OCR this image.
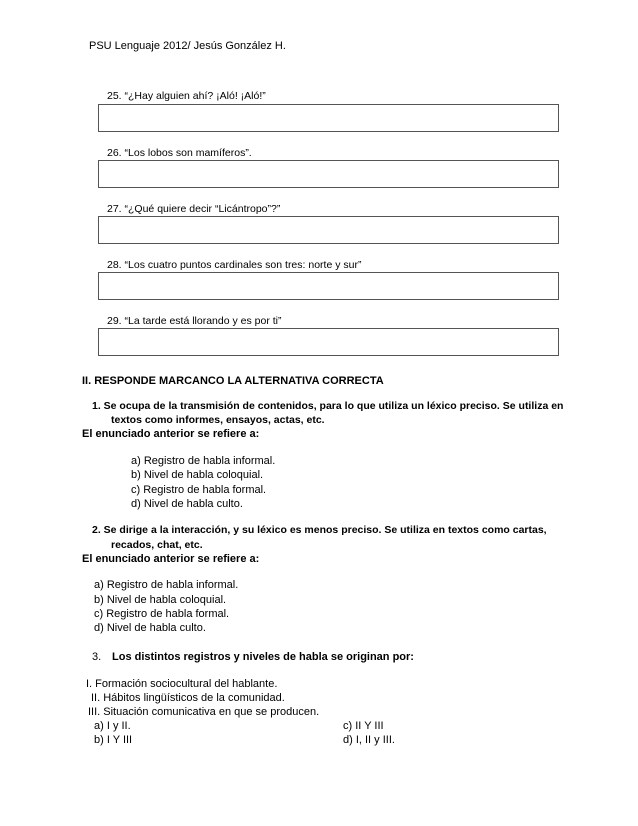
PSU Lenguaje 2012/ Jesús González H.
25. “¿Hay alguien ahí? ¡Aló! ¡Aló!”
26. “Los lobos son mamíferos”.
27. “¿Qué quiere decir “Licántropo”?”
28. “Los cuatro puntos cardinales son tres: norte y sur”
29. “La tarde está llorando y es por ti”
II. RESPONDE MARCANCO LA ALTERNATIVA CORRECTA
1. Se ocupa de la transmisión de contenidos, para lo que utiliza un léxico preciso. Se utiliza en
textos como informes, ensayos, actas, etc.
El enunciado anterior se refiere a:
a) Registro de habla informal.
b) Nivel de habla coloquial.
c) Registro de habla formal.
d) Nivel de habla culto.
2. Se dirige a la interacción, y su léxico es menos preciso. Se utiliza en textos como cartas,
recados, chat, etc.
El enunciado anterior se refiere a:
a) Registro de habla informal.
b) Nivel de habla coloquial.
c) Registro de habla formal.
d) Nivel de habla culto.
3. Los distintos registros y niveles de habla se originan por:
I. Formación sociocultural del hablante.
II. Hábitos lingüísticos de la comunidad.
III. Situación comunicativa en que se producen.
a) I y II.
b) I Y III
c) II Y III
d) I, II y III.
